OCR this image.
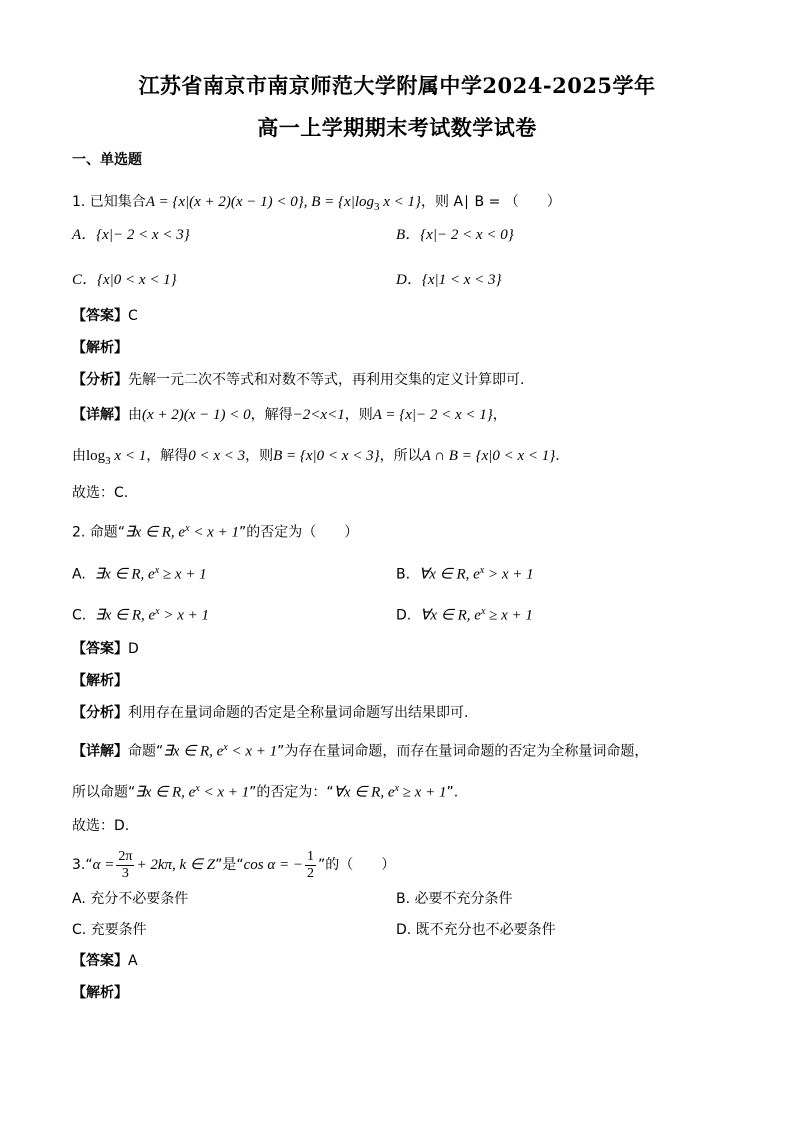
江苏省南京市南京师范大学附属中学2024-2025学年
高一上学期期末考试数学试卷
一、单选题
1. 已知集合A = {x|(x + 2)(x − 1) < 0}, $B = \{x|\log_3$ x < 1}，则 A∣ B = （　　）
A．{x|− 2 < x < 3}	B．{x|− 2 < x < 0}
C．{x|0 < x < 1}	D．{x|1 < x < 3}
【答案】C
【解析】
【分析】先解一元二次不等式和对数不等式，再利用交集的定义计算即可.
【详解】由(x + 2)(x − 1) < 0，解得−2<x<1，则A = {x|− 2 < x < 1}，
由$\log_3 x < 1$，解得0 < x < 3，则B = {x|0 < x < 3}，所以A ∩ B = {x|0 < x < 1}.
故选：C.
2. 命题“∃x ∈ R, $e^x < x + 1$”的否定为（　　）
A. ∃x ∈ R, $e^x \ge x + 1$	B. ∀x ∈ R, $e^x > x + 1$
C. ∃x ∈ R, $e^x > x + 1$	D. ∀x ∈ R, $e^x \ge x + 1$
【答案】D
【解析】
【分析】利用存在量词命题的否定是全称量词命题写出结果即可.
【详解】命题“∃x ∈ R, $e^x < x + 1$”为存在量词命题，而存在量词命题的否定为全称量词命题，
所以命题“∃x ∈ R, $e^x < x + 1$”的否定为：“∀x ∈ R, $e^x \ge x + 1$”.
故选：D.
3.“α = $\frac{2\pi}{3} + 2k\pi$, k ∈ Z”是“cos α = − $\frac{1}{2}$ ”的（　　）
A. 充分不必要条件	B. 必要不充分条件
C. 充要条件	D. 既不充分也不必要条件
【答案】A
【解析】
